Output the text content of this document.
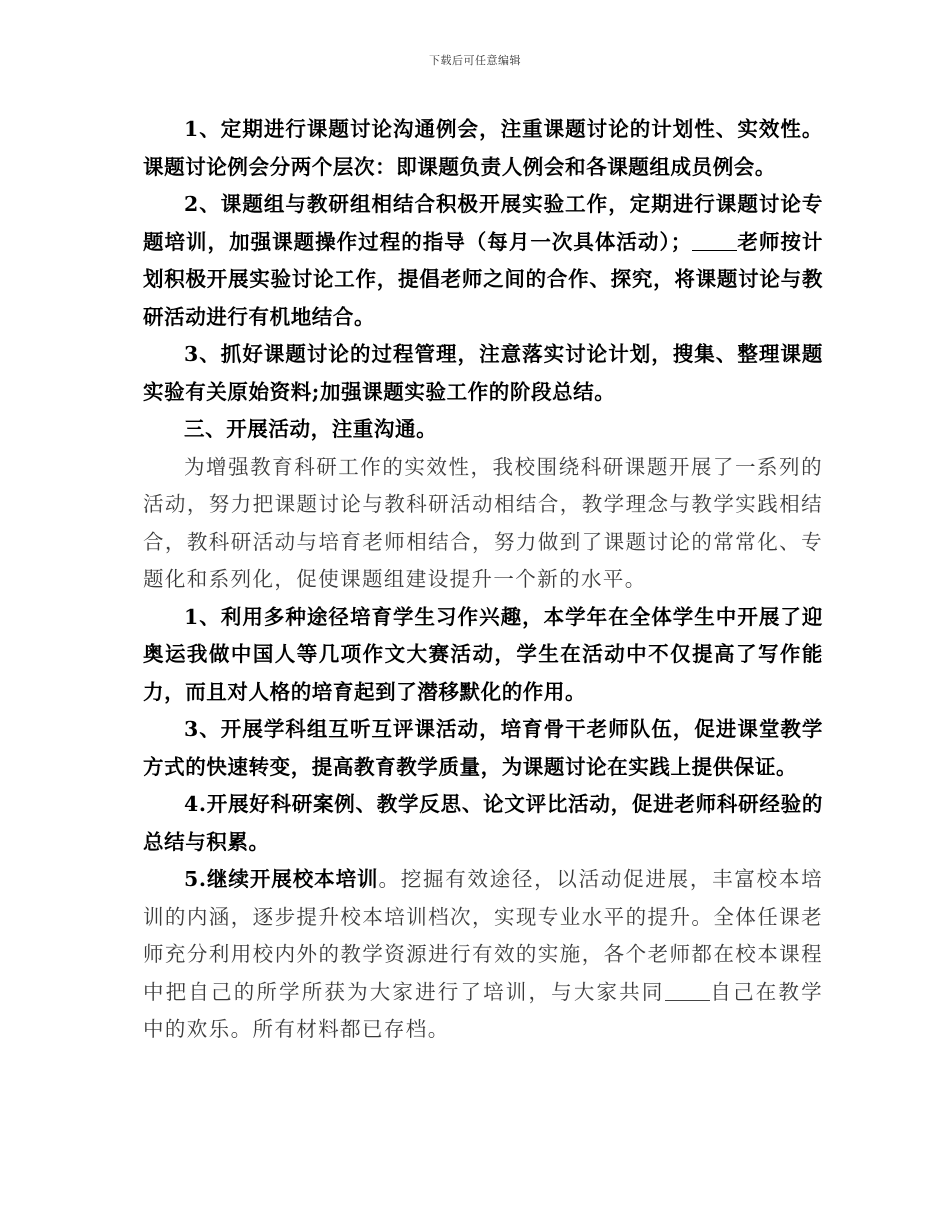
下载后可任意编辑

1、定期进行课题讨论沟通例会，注重课题讨论的计划性、实效性。课题讨论例会分两个层次：即课题负责人例会和各课题组成员例会。

2、课题组与教研组相结合积极开展实验工作，定期进行课题讨论专题培训，加强课题操作过程的指导（每月一次具体活动）； 老师按计划积极开展实验讨论工作，提倡老师之间的合作、探究，将课题讨论与教研活动进行有机地结合。

3、抓好课题讨论的过程管理，注意落实讨论计划，搜集、整理课题实验有关原始资料;加强课题实验工作的阶段总结。

三、开展活动，注重沟通。

为增强教育科研工作的实效性，我校围绕科研课题开展了一系列的活动，努力把课题讨论与教科研活动相结合，教学理念与教学实践相结合，教科研活动与培育老师相结合，努力做到了课题讨论的常常化、专题化和系列化，促使课题组建设提升一个新的水平。

1、利用多种途径培育学生习作兴趣，本学年在全体学生中开展了迎奥运我做中国人等几项作文大赛活动，学生在活动中不仅提高了写作能力，而且对人格的培育起到了潜移默化的作用。

3、开展学科组互听互评课活动，培育骨干老师队伍，促进课堂教学方式的快速转变，提高教育教学质量，为课题讨论在实践上提供保证。

4.开展好科研案例、教学反思、论文评比活动，促进老师科研经验的总结与积累。

5.继续开展校本培训。挖掘有效途径，以活动促进展，丰富校本培训的内涵，逐步提升校本培训档次，实现专业水平的提升。全体任课老师充分利用校内外的教学资源进行有效的实施，各个老师都在校本课程中把自己的所学所获为大家进行了培训，与大家共同 自己在教学中的欢乐。所有材料都已存档。
